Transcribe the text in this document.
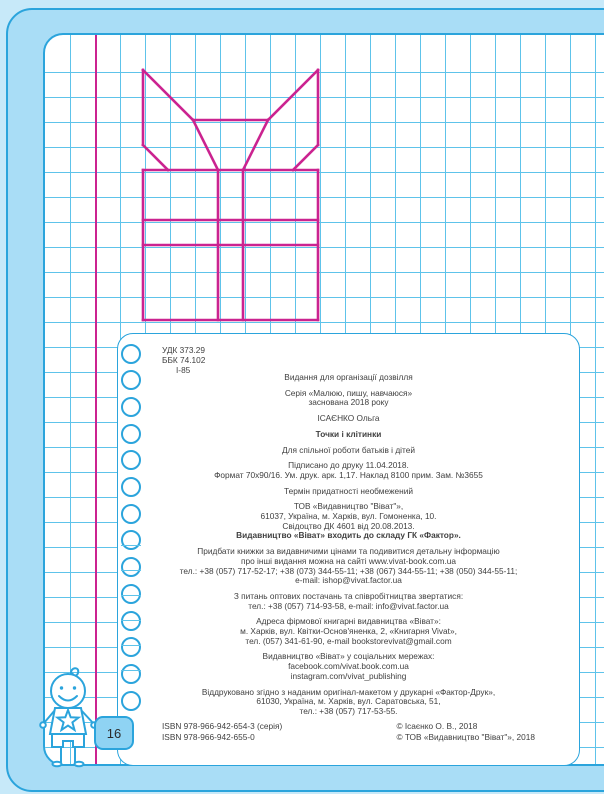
УДК 373.29
ББК 74.102
І-85
Видання для організації дозвілля
Серія «Малюю, пишу, навчаюся»
заснована 2018 року
ІСАЄНКО Ольга
Точки і клітинки
Для спільної роботи батьків і дітей
Підписано до друку 11.04.2018.
Формат 70х90/16. Ум. друк. арк. 1,17. Наклад 8100 прим. Зам. №3655
Термін придатності необмежений
ТОВ «Видавництво "Віват"»,
61037, Україна, м. Харків, вул. Гомоненка, 10.
Свідоцтво ДК 4601 від 20.08.2013.
Видавництво «Віват» входить до складу ГК «Фактор».
Придбати книжки за видавничими цінами та подивитися детальну інформацію
про інші видання можна на сайті www.vivat-book.com.ua
тел.: +38 (057) 717-52-17; +38 (073) 344-55-11; +38 (067) 344-55-11; +38 (050) 344-55-11;
e-mail: ishop@vivat.factor.ua
З питань оптових постачань та співробітництва звертатися:
тел.: +38 (057) 714-93-58, e-mail: info@vivat.factor.ua
Адреса фірмової книгарні видавництва «Віват»:
м. Харків, вул. Квітки-Основ'яненка, 2, «Книгарня Vivat»,
тел. (057) 341-61-90, e-mail bookstorevivat@gmail.com
Видавництво «Віват» у соціальних мережах:
facebook.com/vivat.book.com.ua
instagram.com/vivat_publishing
Віддруковано згідно з наданим оригінал-макетом у друкарні «Фактор-Друк»,
61030, Україна, м. Харків, вул. Саратовська, 51,
тел.: +38 (057) 717-53-55.
ISBN 978-966-942-654-3 (серія)
ISBN 978-966-942-655-0
© Ісаєнко О. В., 2018
© ТОВ «Видавництво "Віват"», 2018
16
